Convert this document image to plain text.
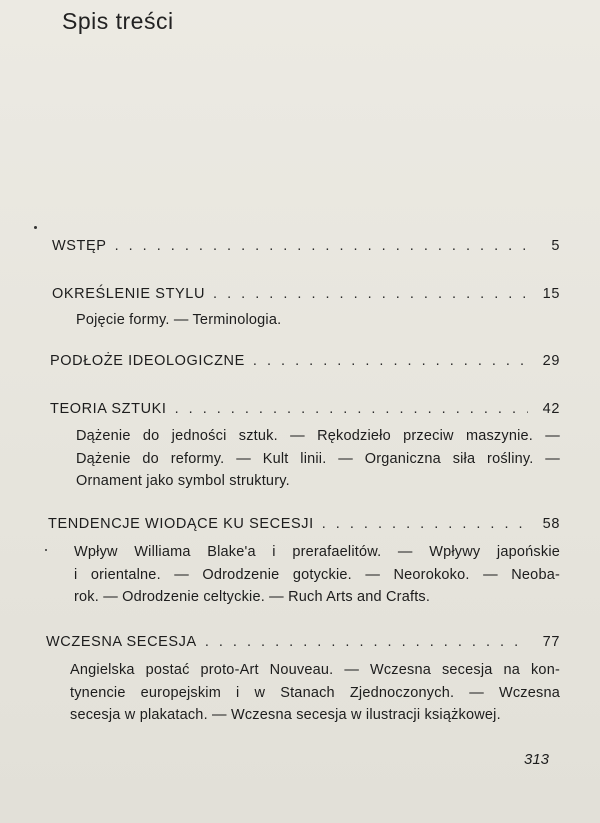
Spis treści
WSTĘP . . .	5
OKREŚLENIE STYLU . . .	15
Pojęcie formy. — Terminologia.
PODŁOŻE IDEOLOGICZNE . . .	29
TEORIA SZTUKI . . .	42
Dążenie do jedności sztuk. — Rękodzieło przeciw maszynie. —
Dążenie do reformy. — Kult linii. — Organiczna siła rośliny. —
Ornament jako symbol struktury.
TENDENCJE WIODĄCE KU SECESJI . . .	58
Wpływ Williama Blake'a i prerafaelitów. — Wpływy japońskie
i orientalne. — Odrodzenie gotyckie. — Neorokoko. — Neoba-
rok. — Odrodzenie celtyckie. — Ruch Arts and Crafts.
WCZESNA SECESJA . . .	77
Angielska postać proto-Art Nouveau. — Wczesna secesja na kon-
tynencie europejskim i w Stanach Zjednoczonych. — Wczesna
secesja w plakatach. — Wczesna secesja w ilustracji książkowej.
313
